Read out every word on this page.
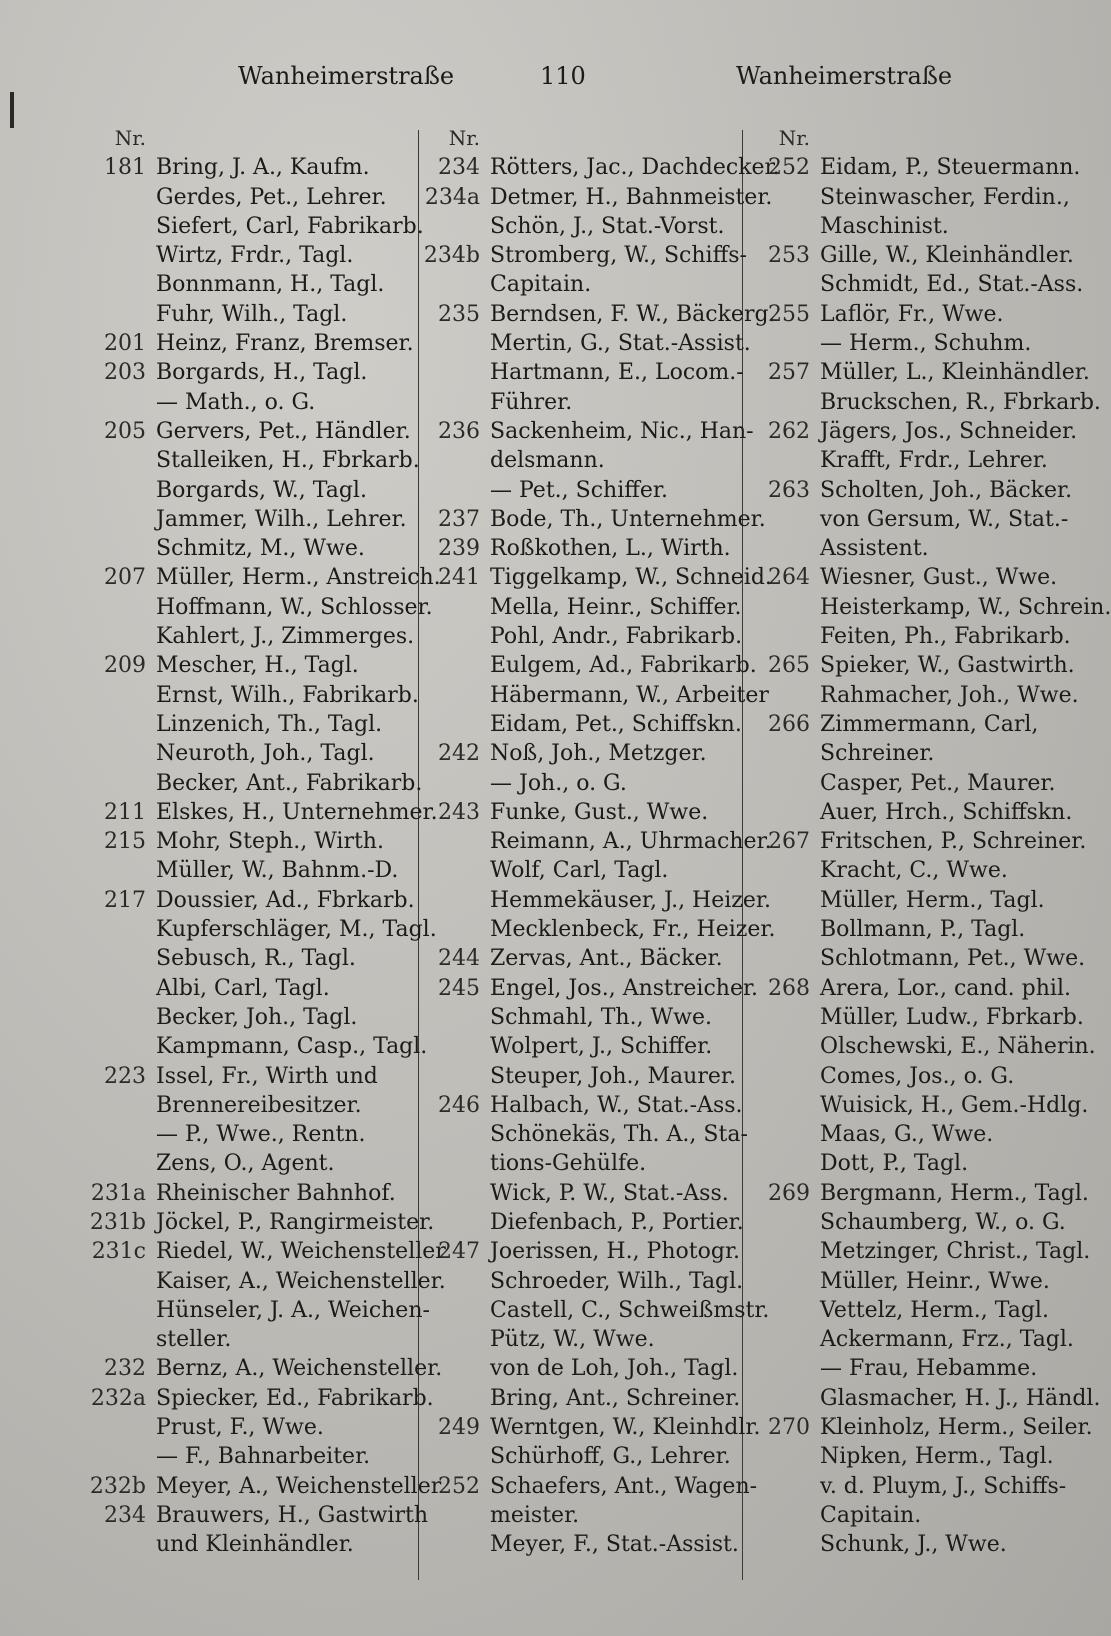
Wanheimerstraße	110	Wanheimerstraße
Nr.
181 Bring, J. A., Kaufm.
Gerdes, Pet., Lehrer.
Siefert, Carl, Fabrikarb.
Wirtz, Frdr., Tagl.
Bonnmann, H., Tagl.
Fuhr, Wilh., Tagl.
201 Heinz, Franz, Bremser.
203 Borgards, H., Tagl.
— Math., o. G.
205 Gervers, Pet., Händler.
Stalleiken, H., Fbrkarb.
Borgards, W., Tagl.
Jammer, Wilh., Lehrer.
Schmitz, M., Wwe.
207 Müller, Herm., Anstreich.
Hoffmann, W., Schlosser.
Kahlert, J., Zimmerges.
209 Mescher, H., Tagl.
Ernst, Wilh., Fabrikarb.
Linzenich, Th., Tagl.
Neuroth, Joh., Tagl.
Becker, Ant., Fabrikarb.
211 Elskes, H., Unternehmer.
215 Mohr, Steph., Wirth.
Müller, W., Bahnm.-D.
217 Doussier, Ad., Fbrkarb.
Kupferschläger, M., Tagl.
Sebusch, R., Tagl.
Albi, Carl, Tagl.
Becker, Joh., Tagl.
Kampmann, Casp., Tagl.
223 Issel, Fr., Wirth und
Brennereibesitzer.
— P., Wwe., Rentn.
Zens, O., Agent.
231a Rheinischer Bahnhof.
231b Jöckel, P., Rangirmeister.
231c Riedel, W., Weichensteller
Kaiser, A., Weichensteller.
Hünseler, J. A., Weichen-
steller.
232 Bernz, A., Weichensteller.
232a Spiecker, Ed., Fabrikarb.
Prust, F., Wwe.
— F., Bahnarbeiter.
232b Meyer, A., Weichensteller
234 Brauwers, H., Gastwirth
und Kleinhändler.
Nr.
234 Rötters, Jac., Dachdecker.
234a Detmer, H., Bahnmeister.
Schön, J., Stat.-Vorst.
234b Stromberg, W., Schiffs-
Capitain.
235 Berndsen, F. W., Bäckerg.
Mertin, G., Stat.-Assist.
Hartmann, E., Locom.-
Führer.
236 Sackenheim, Nic., Han-
delsmann.
— Pet., Schiffer.
237 Bode, Th., Unternehmer.
239 Roßkothen, L., Wirth.
241 Tiggelkamp, W., Schneid.
Mella, Heinr., Schiffer.
Pohl, Andr., Fabrikarb.
Eulgem, Ad., Fabrikarb.
Häbermann, W., Arbeiter
Eidam, Pet., Schiffskn.
242 Noß, Joh., Metzger.
— Joh., o. G.
243 Funke, Gust., Wwe.
Reimann, A., Uhrmacher.
Wolf, Carl, Tagl.
Hemmekäuser, J., Heizer.
Mecklenbeck, Fr., Heizer.
244 Zervas, Ant., Bäcker.
245 Engel, Jos., Anstreicher.
Schmahl, Th., Wwe.
Wolpert, J., Schiffer.
Steuper, Joh., Maurer.
246 Halbach, W., Stat.-Ass.
Schönekäs, Th. A., Sta-
tions-Gehülfe.
Wick, P. W., Stat.-Ass.
Diefenbach, P., Portier.
247 Joerissen, H., Photogr.
Schroeder, Wilh., Tagl.
Castell, C., Schweißmstr.
Pütz, W., Wwe.
von de Loh, Joh., Tagl.
Bring, Ant., Schreiner.
249 Werntgen, W., Kleinhdlr.
Schürhoff, G., Lehrer.
252 Schaefers, Ant., Wagen-
meister.
Meyer, F., Stat.-Assist.
Nr.
252 Eidam, P., Steuermann.
Steinwascher, Ferdin.,
Maschinist.
253 Gille, W., Kleinhändler.
Schmidt, Ed., Stat.-Ass.
255 Laflör, Fr., Wwe.
— Herm., Schuhm.
257 Müller, L., Kleinhändler.
Bruckschen, R., Fbrkarb.
262 Jägers, Jos., Schneider.
Krafft, Frdr., Lehrer.
263 Scholten, Joh., Bäcker.
von Gersum, W., Stat.-
Assistent.
264 Wiesner, Gust., Wwe.
Heisterkamp, W., Schrein.
Feiten, Ph., Fabrikarb.
265 Spieker, W., Gastwirth.
Rahmacher, Joh., Wwe.
266 Zimmermann, Carl,
Schreiner.
Casper, Pet., Maurer.
Auer, Hrch., Schiffskn.
267 Fritschen, P., Schreiner.
Kracht, C., Wwe.
Müller, Herm., Tagl.
Bollmann, P., Tagl.
Schlotmann, Pet., Wwe.
268 Arera, Lor., cand. phil.
Müller, Ludw., Fbrkarb.
Olschewski, E., Näherin.
Comes, Jos., o. G.
Wuisick, H., Gem.-Hdlg.
Maas, G., Wwe.
Dott, P., Tagl.
269 Bergmann, Herm., Tagl.
Schaumberg, W., o. G.
Metzinger, Christ., Tagl.
Müller, Heinr., Wwe.
Vettelz, Herm., Tagl.
Ackermann, Frz., Tagl.
— Frau, Hebamme.
Glasmacher, H. J., Händl.
270 Kleinholz, Herm., Seiler.
Nipken, Herm., Tagl.
v. d. Pluym, J., Schiffs-
Capitain.
Schunk, J., Wwe.
